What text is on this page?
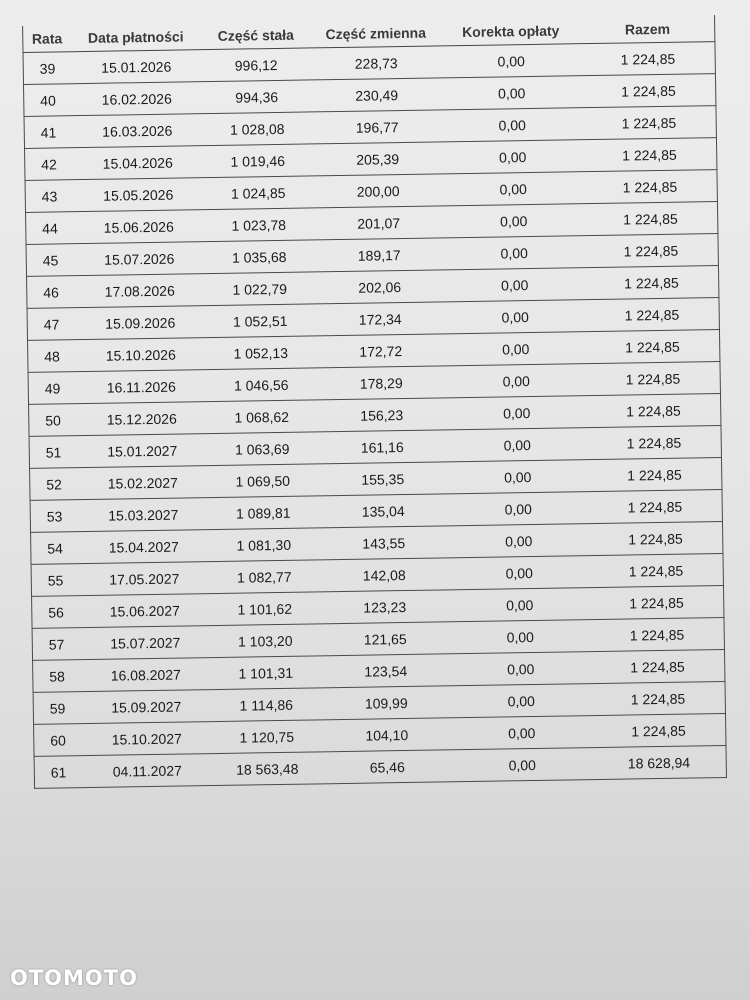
Rata	Data płatności	Część stała	Część zmienna	Korekta opłaty	Razem
39	15.01.2026	996,12	228,73	0,00	1 224,85
40	16.02.2026	994,36	230,49	0,00	1 224,85
41	16.03.2026	1 028,08	196,77	0,00	1 224,85
42	15.04.2026	1 019,46	205,39	0,00	1 224,85
43	15.05.2026	1 024,85	200,00	0,00	1 224,85
44	15.06.2026	1 023,78	201,07	0,00	1 224,85
45	15.07.2026	1 035,68	189,17	0,00	1 224,85
46	17.08.2026	1 022,79	202,06	0,00	1 224,85
47	15.09.2026	1 052,51	172,34	0,00	1 224,85
48	15.10.2026	1 052,13	172,72	0,00	1 224,85
49	16.11.2026	1 046,56	178,29	0,00	1 224,85
50	15.12.2026	1 068,62	156,23	0,00	1 224,85
51	15.01.2027	1 063,69	161,16	0,00	1 224,85
52	15.02.2027	1 069,50	155,35	0,00	1 224,85
53	15.03.2027	1 089,81	135,04	0,00	1 224,85
54	15.04.2027	1 081,30	143,55	0,00	1 224,85
55	17.05.2027	1 082,77	142,08	0,00	1 224,85
56	15.06.2027	1 101,62	123,23	0,00	1 224,85
57	15.07.2027	1 103,20	121,65	0,00	1 224,85
58	16.08.2027	1 101,31	123,54	0,00	1 224,85
59	15.09.2027	1 114,86	109,99	0,00	1 224,85
60	15.10.2027	1 120,75	104,10	0,00	1 224,85
61	04.11.2027	18 563,48	65,46	0,00	18 628,94
OTOMOTO
